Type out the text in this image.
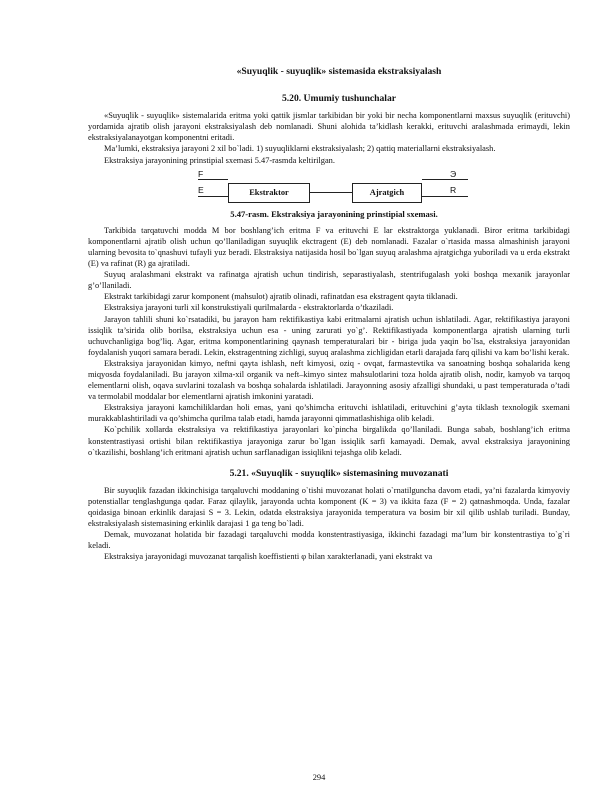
«Suyuqlik - suyuqlik» sistemasida ekstraksiyalash
5.20. Umumiy tushunchalar

«Suyuqlik - suyuqlik» sistemalarida eritma yoki qattik jismlar tarkibidan bir yoki bir necha komponentlarni maxsus suyuqlik (erituvchi) yordamida ajratib olish jarayoni ekstraksiyalash deb nomlanadi. Shuni alohida ta’kidlash kerakki, erituvchi aralashmada erimaydi, lekin ekstraksiyalanayotgan komponentni eritadi.

Ma’lumki, ekstraksiya jarayoni 2 xil bo`ladi. 1) suyuqliklarni ekstraksiyalash; 2) qattiq materiallarni ekstraksiyalash.

Ekstraksiya jarayonining prinstipial sxemasi 5.47-rasmda keltirilgan.

F
E	Ekstraktor	Ajratgich
Э
R
5.47-rasm. Ekstraksiya jarayonining prinstipial sxemasi.

Tarkibida tarqatuvchi modda M bor boshlang’ich eritma F va erituvchi E lar ekstraktorga yuklanadi. Biror eritma tarkibidagi komponentlarni ajratib olish uchun qo’llaniladigan suyuqlik ekctragent (E) deb nomlanadi. Fazalar o`rtasida massa almashinish jarayoni ularning bevosita to`qnashuvi tufayli yuz beradi. Ekstraksiya natijasida hosil bo`lgan suyuq aralashma ajratgichga yuboriladi va u erda ekstrakt (E) va rafinat (R) ga ajratiladi.

Suyuq aralashmani ekstrakt va rafinatga ajratish uchun tindirish, separastiyalash, stentrifugalash yoki boshqa mexanik jarayonlar g’o’llaniladi.

Ekstrakt tarkibidagi zarur komponent (mahsulot) ajratib olinadi, rafinatdan esa ekstragent qayta tiklanadi.

Ekstraksiya jarayoni turli xil konstrukstiyali qurilmalarda - ekstraktorlarda o’tkaziladi.

Jarayon tahlili shuni ko`rsatadiki, bu jarayon ham rektifikastiya kabi eritmalarni ajratish uchun ishlatiladi. Agar, rektifikastiya jarayoni issiqlik ta’sirida olib borilsa, ekstraksiya uchun esa - uning zarurati yo`g’. Rektifikastiyada komponentlarga ajratish ularning turli uchuvchanligiga bog’liq. Agar, eritma komponentlarining qaynash temperaturalari bir - biriga juda yaqin bo`lsa, ekstraksiya jarayonidan foydalanish yuqori samara beradi. Lekin, ekstragentning zichligi, suyuq aralashma zichligidan etarli darajada farq qilishi va kam bo’lishi kerak.

Ekstraksiya jarayonidan kimyo, neftni qayta ishlash, neft kimyosi, oziq - ovqat, farmastevtika va sanoatning boshqa sohalarida keng miqyosda foydalaniladi. Bu jarayon xilma-xil organik va neft–kimyo sintez mahsulotlarini toza holda ajratib olish, nodir, kamyob va tarqoq elementlarni olish, oqava suvlarini tozalash va boshqa sohalarda ishlatiladi. Jarayonning asosiy afzalligi shundaki, u past temperaturada o’tadi va termolabil moddalar bor elementlarni ajratish imkonini yaratadi.

Ekstraksiya jarayoni kamchiliklardan holi emas, yani qo’shimcha erituvchi ishlatiladi, erituvchini g’ayta tiklash texnologik sxemani murakkablashtiriladi va qo’shimcha qurilma talab etadi, hamda jarayonni qimmatlashishiga olib keladi.

Ko`pchilik xollarda ekstraksiya va rektifikastiya jarayonlari ko`pincha birgalikda qo’llaniladi. Bunga sabab, boshlang’ich eritma konstentrastiyasi ortishi bilan rektifikastiya jarayoniga zarur bo`lgan issiqlik sarfi kamayadi. Demak, avval ekstraksiya jarayonining o`tkazilishi, boshlang’ich eritmani ajratish uchun sarflanadigan issiqlikni tejashga olib keladi.

5.21. «Suyuqlik - suyuqlik» sistemasining muvozanati

Bir suyuqlik fazadan ikkinchisiga tarqaluvchi moddaning o`tishi muvozanat holati o`rnatilguncha davom etadi, ya’ni fazalarda kimyoviy potenstiallar tenglashgunga qadar. Faraz qilaylik, jarayonda uchta komponent (K = 3) va ikkita faza (F = 2) qatnashmoqda. Unda, fazalar qoidasiga binoan erkinlik darajasi S = 3. Lekin, odatda ekstraksiya jarayonida temperatura va bosim bir xil qilib ushlab turiladi. Bunday, ekstraksiyalash sistemasining erkinlik darajasi 1 ga teng bo`ladi.

Demak, muvozanat holatida bir fazadagi tarqaluvchi modda konstentrastiyasiga, ikkinchi fazadagi ma’lum bir konstentrastiya to`g`ri keladi.

Ekstraksiya jarayonidagi muvozanat tarqalish koeffistienti φ bilan xarakterlanadi, yani ekstrakt va

294
